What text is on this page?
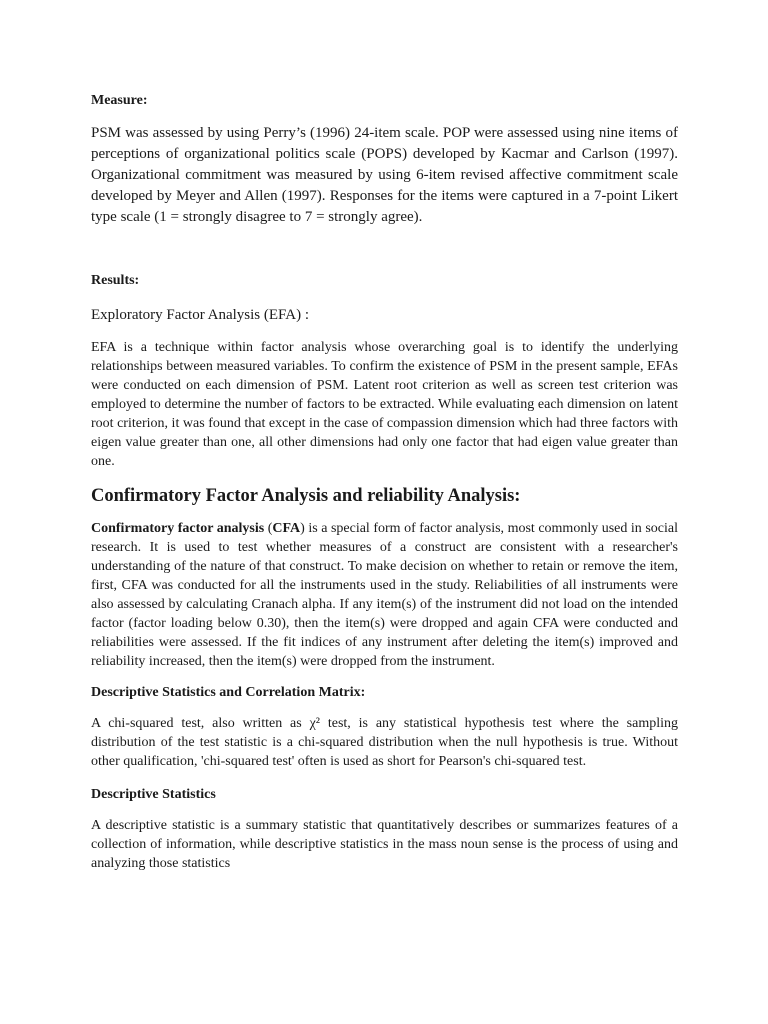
Measure:

PSM was assessed by using Perry’s (1996) 24-item scale. POP were assessed using nine items of perceptions of organizational politics scale (POPS) developed by Kacmar and Carlson (1997). Organizational commitment was measured by using 6-item revised affective commitment scale developed by Meyer and Allen (1997). Responses for the items were captured in a 7-point Likert type scale (1 = strongly disagree to 7 = strongly agree).

Results:

Exploratory Factor Analysis (EFA) :

EFA is a technique within factor analysis whose overarching goal is to identify the underlying relationships between measured variables. To confirm the existence of PSM in the present sample, EFAs were conducted on each dimension of PSM. Latent root criterion as well as screen test criterion was employed to determine the number of factors to be extracted. While evaluating each dimension on latent root criterion, it was found that except in the case of compassion dimension which had three factors with eigen value greater than one, all other dimensions had only one factor that had eigen value greater than one.

Confirmatory Factor Analysis and reliability Analysis:

Confirmatory factor analysis (CFA) is a special form of factor analysis, most commonly used in social research. It is used to test whether measures of a construct are consistent with a researcher's understanding of the nature of that construct. To make decision on whether to retain or remove the item, first, CFA was conducted for all the instruments used in the study. Reliabilities of all instruments were also assessed by calculating Cranach alpha. If any item(s) of the instrument did not load on the intended factor (factor loading below 0.30), then the item(s) were dropped and again CFA were conducted and reliabilities were assessed. If the fit indices of any instrument after deleting the item(s) improved and reliability increased, then the item(s) were dropped from the instrument.

Descriptive Statistics and Correlation Matrix:

A chi-squared test, also written as χ² test, is any statistical hypothesis test where the sampling distribution of the test statistic is a chi-squared distribution when the null hypothesis is true. Without other qualification, 'chi-squared test' often is used as short for Pearson's chi-squared test.

Descriptive Statistics

A descriptive statistic is a summary statistic that quantitatively describes or summarizes features of a collection of information, while descriptive statistics in the mass noun sense is the process of using and analyzing those statistics
